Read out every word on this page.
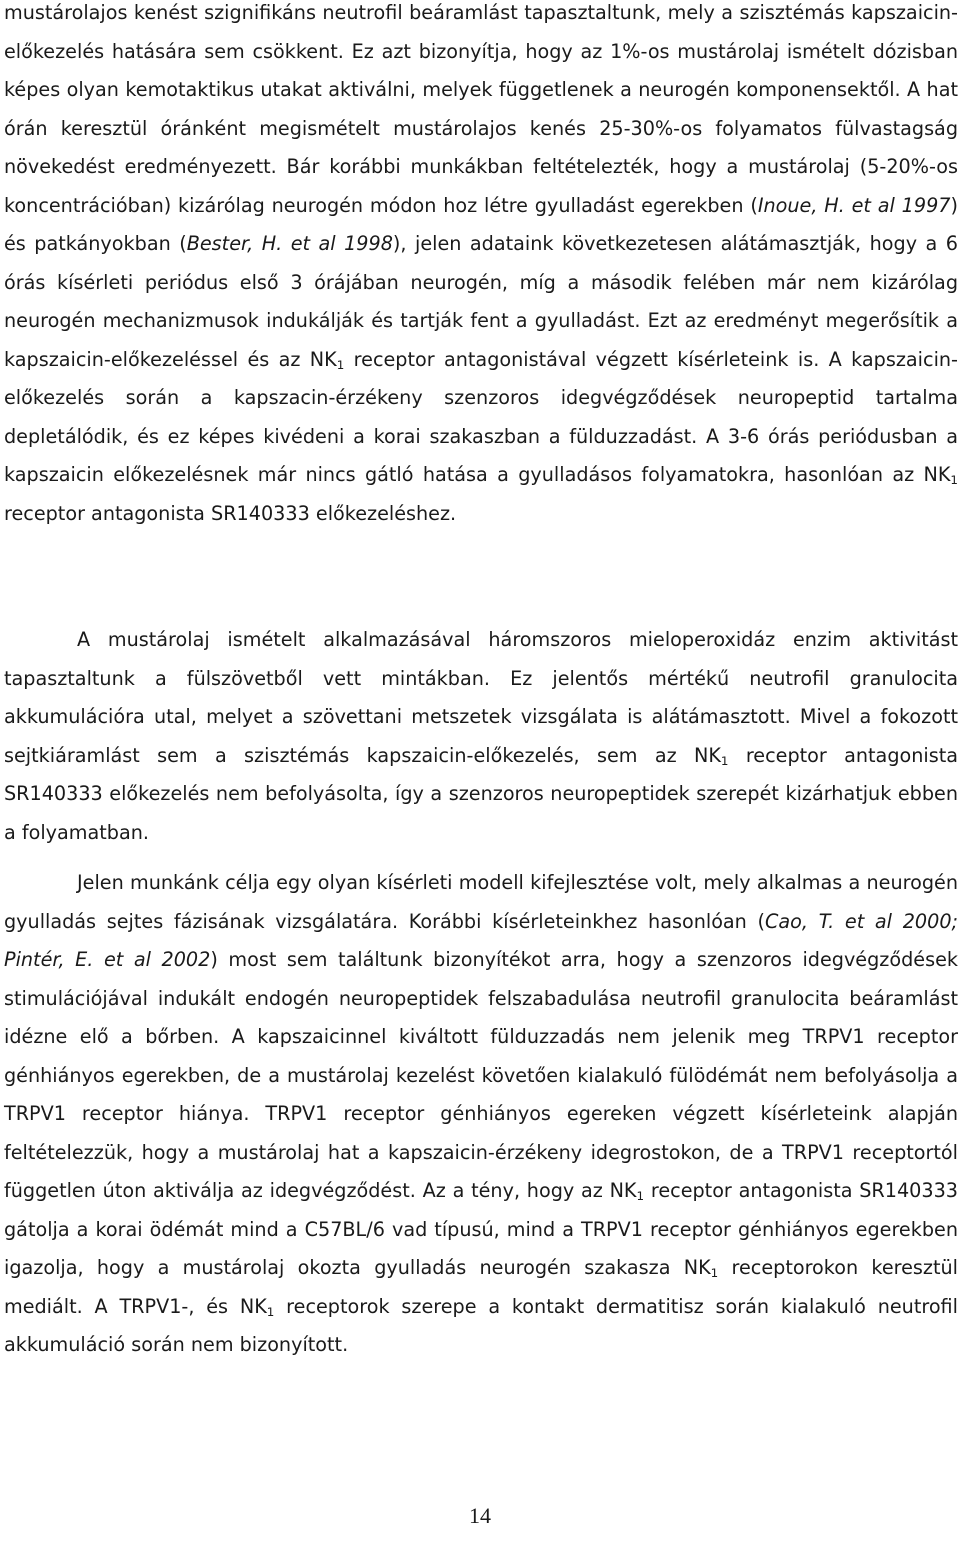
mustárolajos kenést szignifikáns neutrofil beáramlást tapasztaltunk, mely a szisztémás kapszaicin-előkezelés hatására sem csökkent. Ez azt bizonyítja, hogy az 1%-os mustárolaj ismételt dózisban képes olyan kemotaktikus utakat aktiválni, melyek függetlenek a neurogén komponensektől. A hat órán keresztül óránként megismételt mustárolajos kenés 25-30%-os folyamatos fülvastagság növekedést eredményezett. Bár korábbi munkákban feltételezték, hogy a mustárolaj (5-20%-os koncentrációban) kizárólag neurogén módon hoz létre gyulladást egerekben (Inoue, H. et al 1997) és patkányokban (Bester, H. et al 1998), jelen adataink következetesen alátámasztják, hogy a 6 órás kísérleti periódus első 3 órájában neurogén, míg a második felében már nem kizárólag neurogén mechanizmusok indukálják és tartják fent a gyulladást. Ezt az eredményt megerősítik a kapszaicin-előkezeléssel és az $NK_1$ receptor antagonistával végzett kísérleteink is. A kapszaicin-előkezelés során a kapszacin-érzékeny szenzoros idegvégződések neuropeptid tartalma depletálódik, és ez képes kivédeni a korai szakaszban a fülduzzadást. A 3-6 órás periódusban a kapszaicin előkezelésnek már nincs gátló hatása a gyulladásos folyamatokra, hasonlóan az $NK_1$ receptor antagonista SR140333 előkezeléshez.

A mustárolaj ismételt alkalmazásával háromszoros mieloperoxidáz enzim aktivitást tapasztaltunk a fülszövetből vett mintákban. Ez jelentős mértékű neutrofil granulocita akkumulációra utal, melyet a szövettani metszetek vizsgálata is alátámasztott. Mivel a fokozott sejtkiáramlást sem a szisztémás kapszaicin-előkezelés, sem az $NK_1$ receptor antagonista SR140333 előkezelés nem befolyásolta, így a szenzoros neuropeptidek szerepét kizárhatjuk ebben a folyamatban.

Jelen munkánk célja egy olyan kísérleti modell kifejlesztése volt, mely alkalmas a neurogén gyulladás sejtes fázisának vizsgálatára. Korábbi kísérleteinkhez hasonlóan (Cao, T. et al 2000; Pintér, E. et al 2002) most sem találtunk bizonyítékot arra, hogy a szenzoros idegvégződések stimulációjával indukált endogén neuropeptidek felszabadulása neutrofil granulocita beáramlást idézne elő a bőrben. A kapszaicinnel kiváltott fülduzzadás nem jelenik meg TRPV1 receptor génhiányos egerekben, de a mustárolaj kezelést követően kialakuló fülödémát nem befolyásolja a TRPV1 receptor hiánya. TRPV1 receptor génhiányos egereken végzett kísérleteink alapján feltételezzük, hogy a mustárolaj hat a kapszaicin-érzékeny idegrostokon, de a TRPV1 receptortól független úton aktiválja az idegvégződést. Az a tény, hogy az $NK_1$ receptor antagonista SR140333 gátolja a korai ödémát mind a C57BL/6 vad típusú, mind a TRPV1 receptor génhiányos egerekben igazolja, hogy a mustárolaj okozta gyulladás neurogén szakasza $NK_1$ receptorokon keresztül mediált. A TRPV1-, és $NK_1$ receptorok szerepe a kontakt dermatitisz során kialakuló neutrofil akkumuláció során nem bizonyított.

14
